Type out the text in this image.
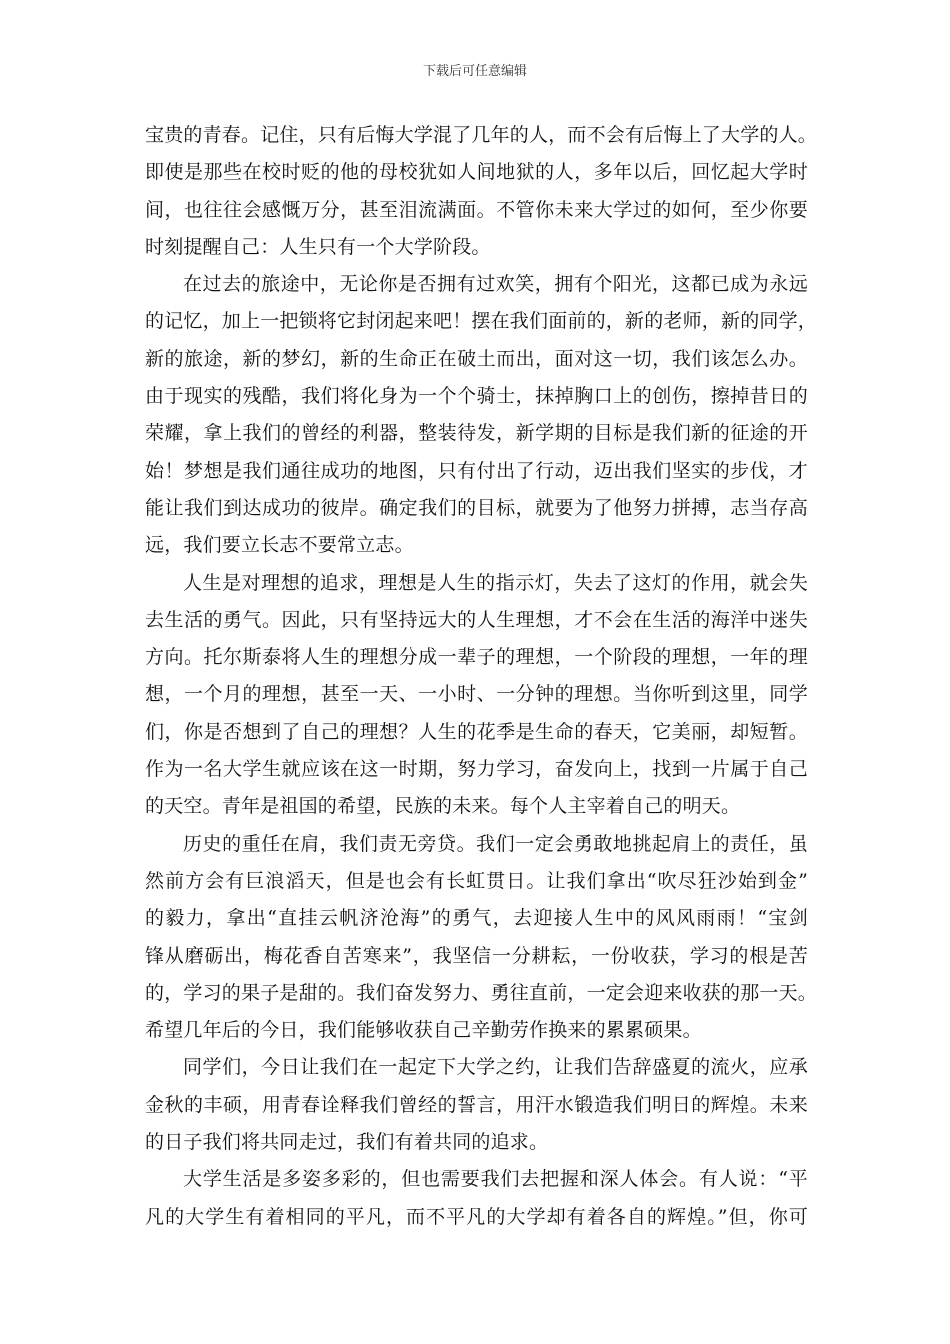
下载后可任意编辑
宝贵的青春。记住，只有后悔大学混了几年的人，而不会有后悔上了大学的人。
即使是那些在校时贬的他的母校犹如人间地狱的人，多年以后，回忆起大学时
间，也往往会感慨万分，甚至泪流满面。不管你未来大学过的如何，至少你要
时刻提醒自己：人生只有一个大学阶段。
在过去的旅途中，无论你是否拥有过欢笑，拥有个阳光，这都已成为永远
的记忆，加上一把锁将它封闭起来吧！摆在我们面前的，新的老师，新的同学，
新的旅途，新的梦幻，新的生命正在破土而出，面对这一切，我们该怎么办。
由于现实的残酷，我们将化身为一个个骑士，抹掉胸口上的创伤，擦掉昔日的
荣耀，拿上我们的曾经的利器，整装待发，新学期的目标是我们新的征途的开
始！梦想是我们通往成功的地图，只有付出了行动，迈出我们坚实的步伐，才
能让我们到达成功的彼岸。确定我们的目标，就要为了他努力拼搏，志当存高
远，我们要立长志不要常立志。
人生是对理想的追求，理想是人生的指示灯，失去了这灯的作用，就会失
去生活的勇气。因此，只有坚持远大的人生理想，才不会在生活的海洋中迷失
方向。托尔斯泰将人生的理想分成一辈子的理想，一个阶段的理想，一年的理
想，一个月的理想，甚至一天、一小时、一分钟的理想。当你听到这里，同学
们，你是否想到了自己的理想？人生的花季是生命的春天，它美丽，却短暂。
作为一名大学生就应该在这一时期，努力学习，奋发向上，找到一片属于自己
的天空。青年是祖国的希望，民族的未来。每个人主宰着自己的明天。
历史的重任在肩，我们责无旁贷。我们一定会勇敢地挑起肩上的责任，虽
然前方会有巨浪滔天，但是也会有长虹贯日。让我们拿出“吹尽狂沙始到金”
的毅力，拿出“直挂云帆济沧海”的勇气，去迎接人生中的风风雨雨！“宝剑
锋从磨砺出，梅花香自苦寒来”，我坚信一分耕耘，一份收获，学习的根是苦
的，学习的果子是甜的。我们奋发努力、勇往直前，一定会迎来收获的那一天。
希望几年后的今日，我们能够收获自己辛勤劳作换来的累累硕果。
同学们，今日让我们在一起定下大学之约，让我们告辞盛夏的流火，应承
金秋的丰硕，用青春诠释我们曾经的誓言，用汗水锻造我们明日的辉煌。未来
的日子我们将共同走过，我们有着共同的追求。
大学生活是多姿多彩的，但也需要我们去把握和深人体会。有人说：“平
凡的大学生有着相同的平凡，而不平凡的大学却有着各自的辉煌。”但，你可
